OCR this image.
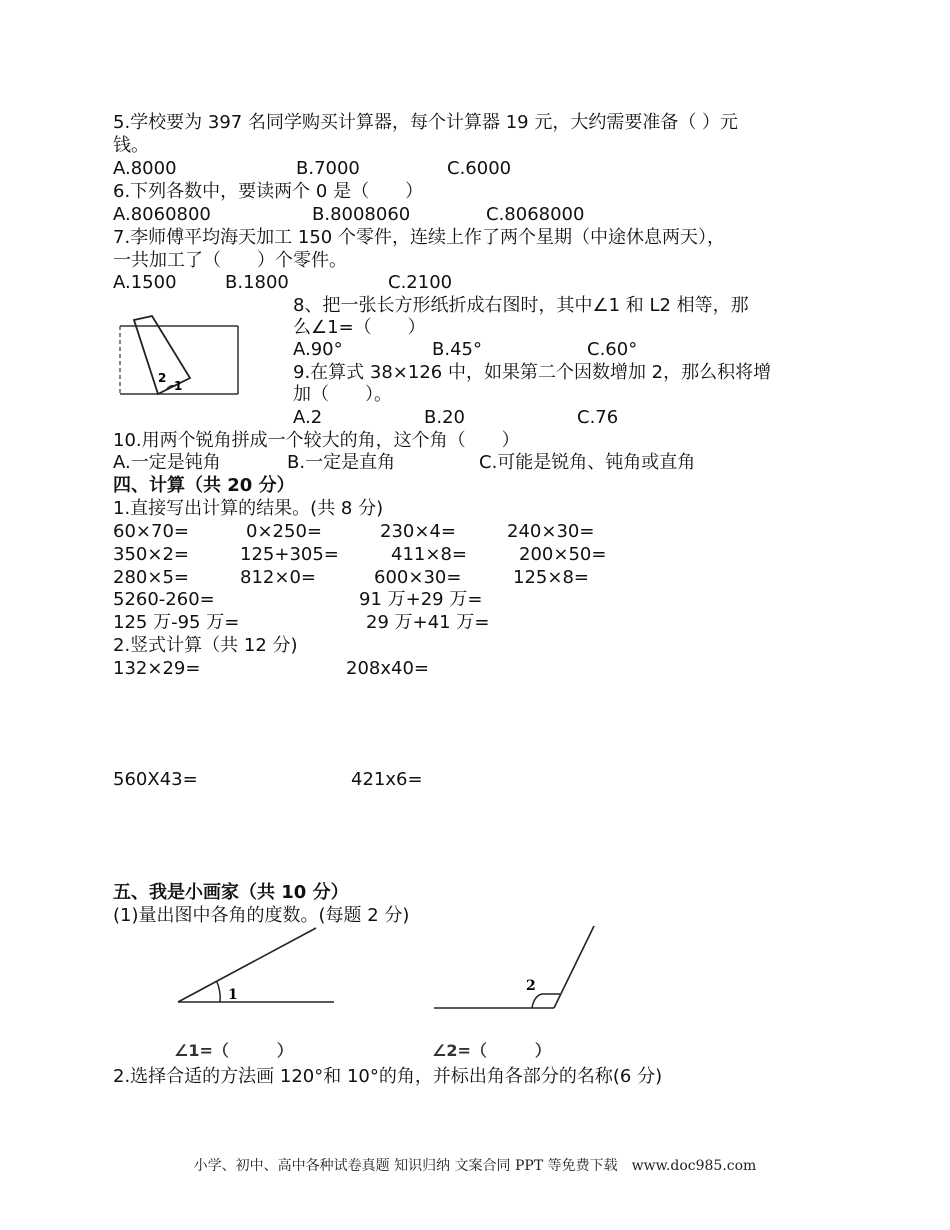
5.学校要为 397 名同学购买计算器，每个计算器 19 元，大约需要准备（ ）元
钱。
A.8000	B.7000	C.6000
6.下列各数中，要读两个 0 是（　　）
A.8060800	B.8008060	C.8068000
7.李师傅平均海天加工 150 个零件，连续上作了两个星期（中途休息两天），
一共加工了（　　）个零件。
A.1500	B.1800	C.2100
2
1
8、把一张长方形纸折成右图时，其中∠1 和 L2 相等，那
么∠1=（　　）
A.90°	B.45°	C.60°
9.在算式 38×126 中，如果第二个因数增加 2，那么积将增
加（　　）。
A.2	B.20	C.76
10.用两个锐角拼成一个较大的角，这个角（　　）
A.一定是钝角	B.一定是直角	C.可能是锐角、钝角或直角
四、计算（共 20 分）
1.直接写出计算的结果。(共 8 分)
60×70=	0×250=	230×4=	240×30=
350×2=	125+305=	411×8=	200×50=
280×5=	812×0=	600×30=	125×8=
5260-260=	91 万+29 万=
125 万-95 万=	29 万+41 万=
2.竖式计算（共 12 分)
132×29=	208x40=
560X43=	421x6=
五、我是小画家（共 10 分）
(1)量出图中各角的度数。(每题 2 分)
1
2
∠1=（　　　）	∠2=（　　　）
2.选择合适的方法画 120°和 10°的角，并标出角各部分的名称(6 分)
小学、初中、高中各种试卷真题 知识归纳 文案合同 PPT 等免费下载　www.doc985.com
